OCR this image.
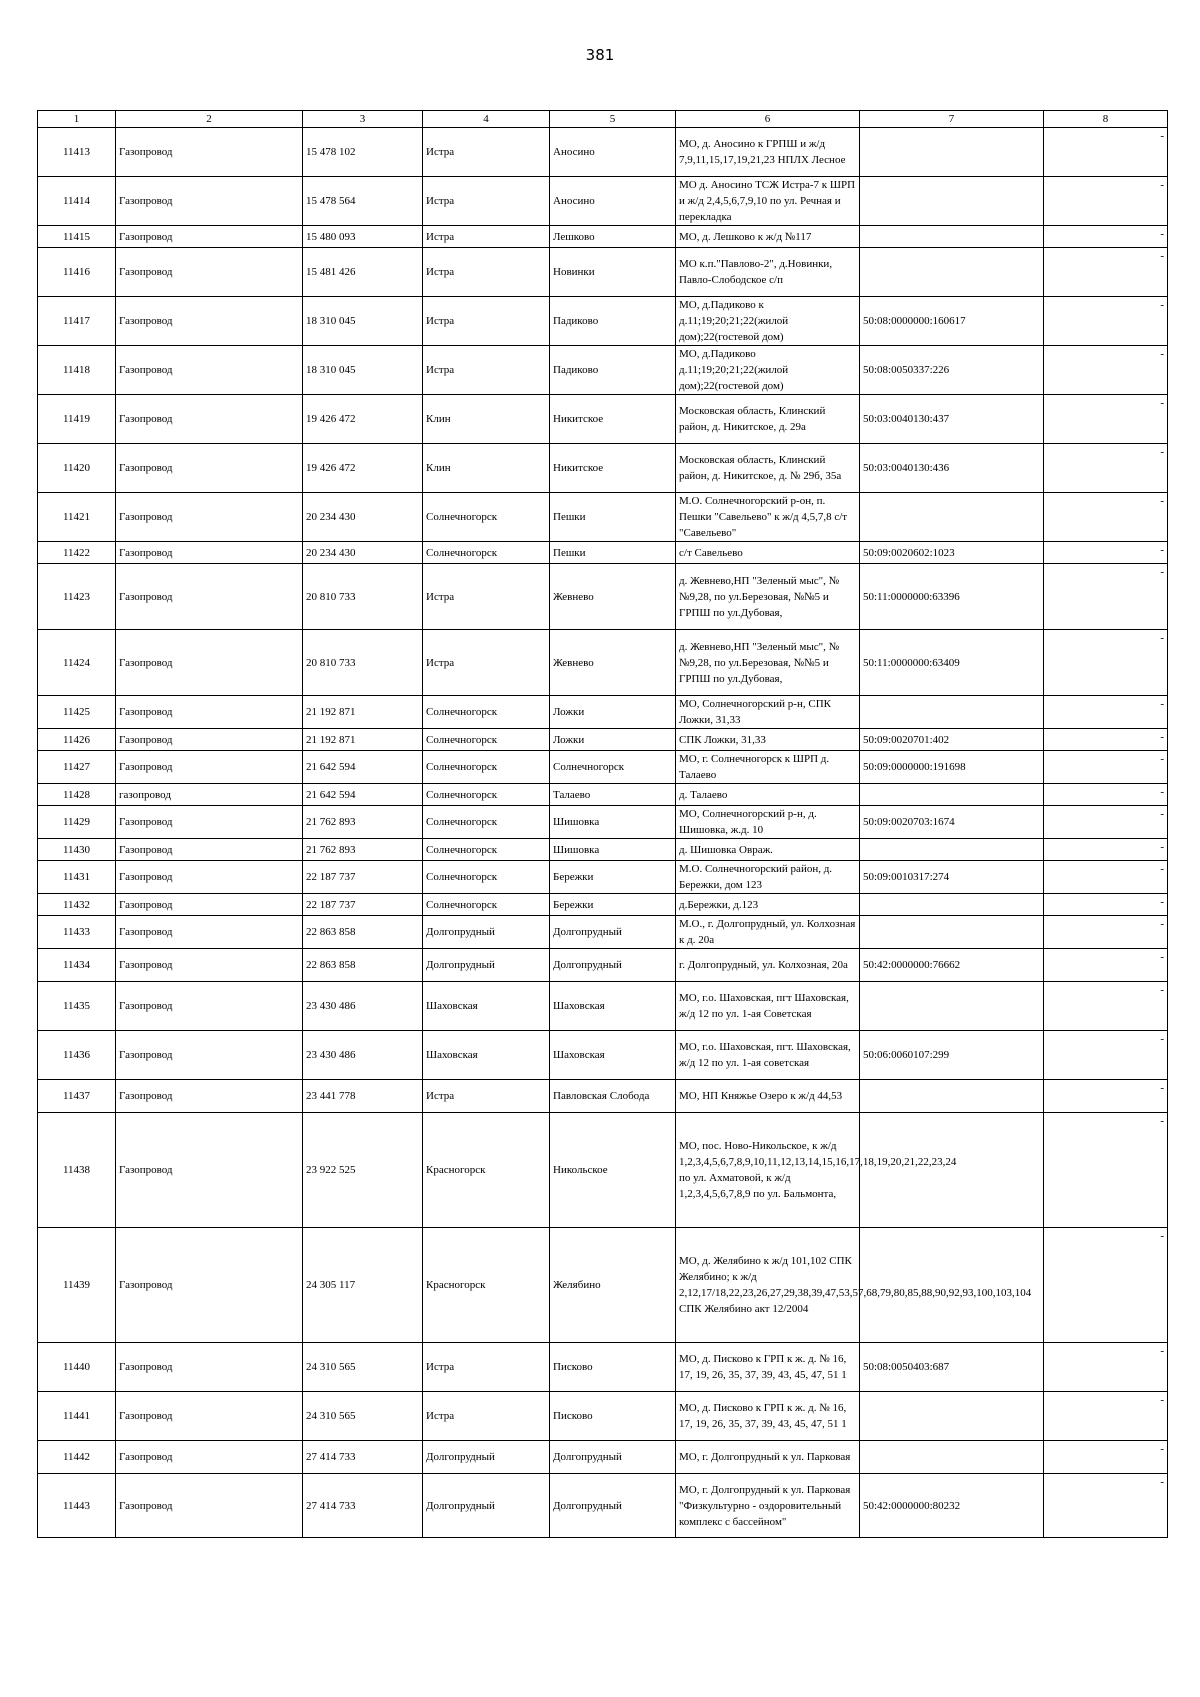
381
1	2	3	4	5	6	7	8
11413	Газопровод	15 478 102	Истра	Аносино	МО, д. Аносино к ГРПШ и ж/д 7,9,11,15,17,19,21,23 НПЛХ Лесное		-
11414	Газопровод	15 478 564	Истра	Аносино	МО д. Аносино ТСЖ Истра-7 к ШРП и ж/д 2,4,5,6,7,9,10 по ул. Речная и перекладка		-
11415	Газопровод	15 480 093	Истра	Лешково	МО, д. Лешково к ж/д №117		-
11416	Газопровод	15 481 426	Истра	Новинки	МО к.п."Павлово-2", д.Новинки, Павло-Слободское с/п		-
11417	Газопровод	18 310 045	Истра	Падиково	МО, д.Падиково к д.11;19;20;21;22(жилой дом);22(гостевой дом)	50:08:0000000:160617	-
11418	Газопровод	18 310 045	Истра	Падиково	МО, д.Падиково д.11;19;20;21;22(жилой дом);22(гостевой дом)	50:08:0050337:226	-
11419	Газопровод	19 426 472	Клин	Никитское	Московская область, Клинский район, д. Никитское, д. 29а	50:03:0040130:437	-
11420	Газопровод	19 426 472	Клин	Никитское	Московская область, Клинский район, д. Никитское, д. № 29б, 35а	50:03:0040130:436	-
11421	Газопровод	20 234 430	Солнечногорск	Пешки	М.О. Солнечногорский р-он, п. Пешки "Савельево" к ж/д 4,5,7,8 с/т "Савельево"		-
11422	Газопровод	20 234 430	Солнечногорск	Пешки	с/т Савельево	50:09:0020602:1023	-
11423	Газопровод	20 810 733	Истра	Жевнево	д. Жевнево,НП "Зеленый мыс", №№9,28, по ул.Березовая, №№5 и ГРПШ по ул.Дубовая,	50:11:0000000:63396	-
11424	Газопровод	20 810 733	Истра	Жевнево	д. Жевнево,НП "Зеленый мыс", №№9,28, по ул.Березовая, №№5 и ГРПШ по ул.Дубовая,	50:11:0000000:63409	-
11425	Газопровод	21 192 871	Солнечногорск	Ложки	МО, Солнечногорский р-н, СПК Ложки, 31,33		-
11426	Газопровод	21 192 871	Солнечногорск	Ложки	СПК Ложки, 31,33	50:09:0020701:402	-
11427	Газопровод	21 642 594	Солнечногорск	Солнечногорск	МО, г. Солнечногорск к ШРП д. Талаево	50:09:0000000:191698	-
11428	газопровод	21 642 594	Солнечногорск	Талаево	д. Талаево		-
11429	Газопровод	21 762 893	Солнечногорск	Шишовка	МО, Солнечногорский р-н, д. Шишовка, ж.д. 10	50:09:0020703:1674	-
11430	Газопровод	21 762 893	Солнечногорск	Шишовка	д. Шишовка Овраж.		-
11431	Газопровод	22 187 737	Солнечногорск	Бережки	М.О. Солнечногорский район, д. Бережки, дом 123	50:09:0010317:274	-
11432	Газопровод	22 187 737	Солнечногорск	Бережки	д.Бережки, д.123		-
11433	Газопровод	22 863 858	Долгопрудный	Долгопрудный	М.О., г. Долгопрудный, ул. Колхозная к д. 20а		-
11434	Газопровод	22 863 858	Долгопрудный	Долгопрудный	г. Долгопрудный, ул. Колхозная, 20а	50:42:0000000:76662	-
11435	Газопровод	23 430 486	Шаховская	Шаховская	МО, г.о. Шаховская, пгт Шаховская, ж/д 12 по ул. 1-ая Советская		-
11436	Газопровод	23 430 486	Шаховская	Шаховская	МО, г.о. Шаховская, пгт. Шаховская, ж/д 12 по ул. 1-ая советская	50:06:0060107:299	-
11437	Газопровод	23 441 778	Истра	Павловская Слобода	МО, НП Княжье Озеро к ж/д 44,53		-
11438	Газопровод	23 922 525	Красногорск	Никольское	МО, пос. Ново-Никольское, к ж/д 1,2,3,4,5,6,7,8,9,10,11,12,13,14,15,16,17,18,19,20,21,22,23,24 по ул. Ахматовой, к ж/д 1,2,3,4,5,6,7,8,9 по ул. Бальмонта,		-
11439	Газопровод	24 305 117	Красногорск	Желябино	МО, д. Желябино к ж/д 101,102 СПК Желябино; к ж/д 2,12,17/18,22,23,26,27,29,38,39,47,53,57,68,79,80,85,88,90,92,93,100,103,104 СПК Желябино акт 12/2004		-
11440	Газопровод	24 310 565	Истра	Писково	МО, д. Писково к ГРП к ж. д. № 16, 17, 19, 26, 35, 37, 39, 43, 45, 47, 51 1	50:08:0050403:687	-
11441	Газопровод	24 310 565	Истра	Писково	МО, д. Писково к ГРП к ж. д. № 16, 17, 19, 26, 35, 37, 39, 43, 45, 47, 51 1		-
11442	Газопровод	27 414 733	Долгопрудный	Долгопрудный	МО, г. Долгопрудный к ул. Парковая		-
11443	Газопровод	27 414 733	Долгопрудный	Долгопрудный	МО, г. Долгопрудный к ул. Парковая "Физкультурно - оздоровительный комплекс с бассейном"	50:42:0000000:80232	-
